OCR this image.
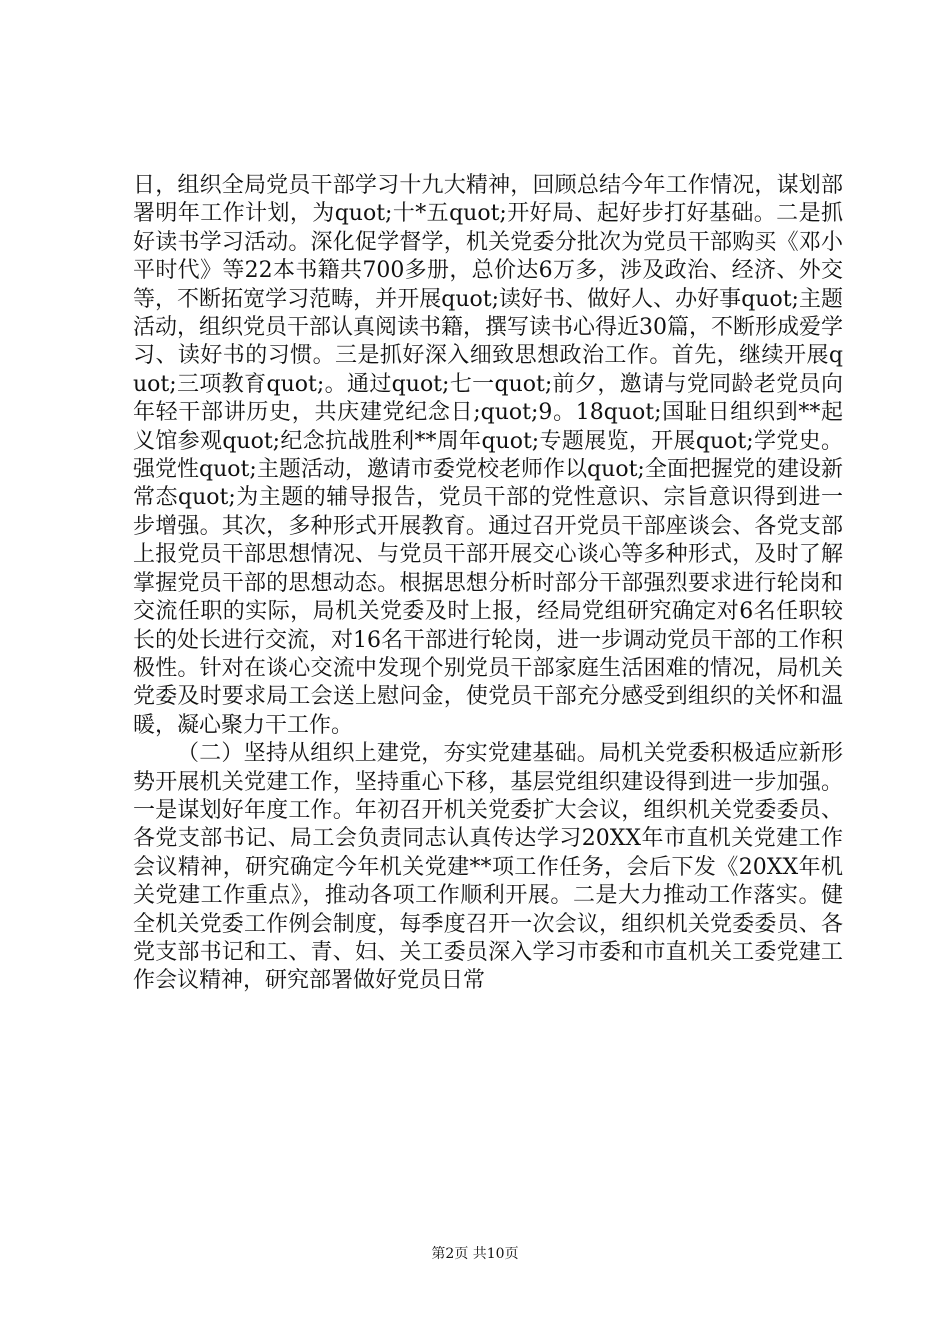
日，组织全局党员干部学习十九大精神，回顾总结今年工作情况，谋划部署明年工作计划，为quot;十*五quot;开好局、起好步打好基础。二是抓好读书学习活动。深化促学督学，机关党委分批次为党员干部购买《邓小平时代》等22本书籍共700多册，总价达6万多，涉及政治、经济、外交等，不断拓宽学习范畴，并开展quot;读好书、做好人、办好事quot;主题活动，组织党员干部认真阅读书籍，撰写读书心得近30篇，不断形成爱学习、读好书的习惯。三是抓好深入细致思想政治工作。首先，继续开展quot;三项教育quot;。通过quot;七一quot;前夕，邀请与党同龄老党员向年轻干部讲历史，共庆建党纪念日;quot;9。18quot;国耻日组织到**起义馆参观quot;纪念抗战胜利**周年quot;专题展览，开展quot;学党史。强党性quot;主题活动，邀请市委党校老师作以quot;全面把握党的建设新常态quot;为主题的辅导报告，党员干部的党性意识、宗旨意识得到进一步增强。其次，多种形式开展教育。通过召开党员干部座谈会、各党支部上报党员干部思想情况、与党员干部开展交心谈心等多种形式，及时了解掌握党员干部的思想动态。根据思想分析时部分干部强烈要求进行轮岗和交流任职的实际，局机关党委及时上报，经局党组研究确定对6名任职较长的处长进行交流，对16名干部进行轮岗，进一步调动党员干部的工作积极性。针对在谈心交流中发现个别党员干部家庭生活困难的情况，局机关党委及时要求局工会送上慰问金，使党员干部充分感受到组织的关怀和温暖，凝心聚力干工作。

（二）坚持从组织上建党，夯实党建基础。局机关党委积极适应新形势开展机关党建工作，坚持重心下移，基层党组织建设得到进一步加强。一是谋划好年度工作。年初召开机关党委扩大会议，组织机关党委委员、各党支部书记、局工会负责同志认真传达学习20XX年市直机关党建工作会议精神，研究确定今年机关党建**项工作任务，会后下发《20XX年机关党建工作重点》，推动各项工作顺利开展。二是大力推动工作落实。健全机关党委工作例会制度，每季度召开一次会议，组织机关党委委员、各党支部书记和工、青、妇、关工委员深入学习市委和市直机关工委党建工作会议精神，研究部署做好党员日常

第2页 共10页
